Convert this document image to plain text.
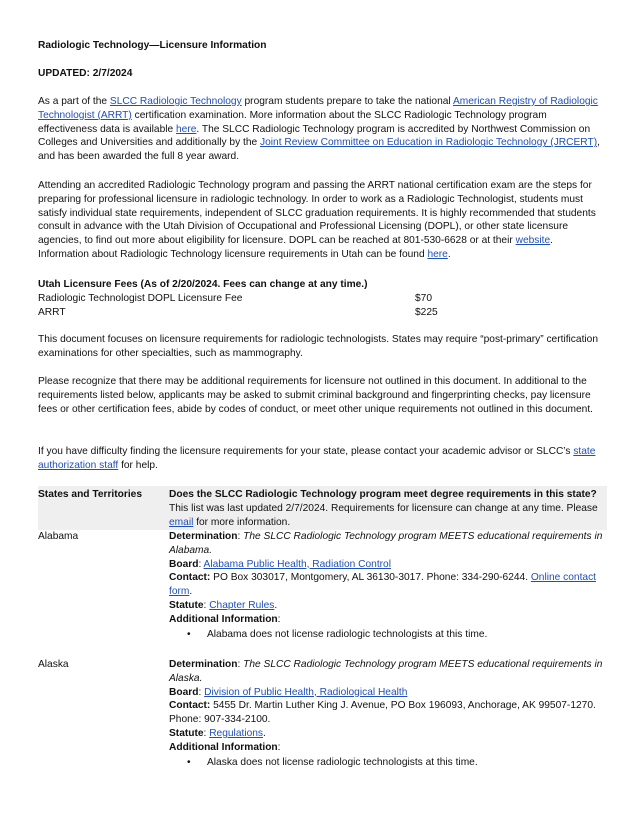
Radiologic Technology—Licensure Information

UPDATED: 2/7/2024

As a part of the SLCC Radiologic Technology program students prepare to take the national American Registry of Radiologic Technologist (ARRT) certification examination. More information about the SLCC Radiologic Technology program effectiveness data is available here. The SLCC Radiologic Technology program is accredited by Northwest Commission on Colleges and Universities and additionally by the Joint Review Committee on Education in Radiologic Technology (JRCERT), and has been awarded the full 8 year award.

Attending an accredited Radiologic Technology program and passing the ARRT national certification exam are the steps for preparing for professional licensure in radiologic technology. In order to work as a Radiologic Technologist, students must satisfy individual state requirements, independent of SLCC graduation requirements. It is highly recommended that students consult in advance with the Utah Division of Occupational and Professional Licensing (DOPL), or other state licensure agencies, to find out more about eligibility for licensure. DOPL can be reached at 801-530-6628 or at their website. Information about Radiologic Technology licensure requirements in Utah can be found here.

Utah Licensure Fees (As of 2/20/2024. Fees can change at any time.)
Radiologic Technologist DOPL Licensure Fee	$70
ARRT	$225

This document focuses on licensure requirements for radiologic technologists. States may require “post-primary” certification examinations for other specialties, such as mammography.

Please recognize that there may be additional requirements for licensure not outlined in this document. In additional to the requirements listed below, applicants may be asked to submit criminal background and fingerprinting checks, pay licensure fees or other certification fees, abide by codes of conduct, or meet other unique requirements not outlined in this document.

If you have difficulty finding the licensure requirements for your state, please contact your academic advisor or SLCC’s state authorization staff for help.

States and Territories	Does the SLCC Radiologic Technology program meet degree requirements in this state?
This list was last updated 2/7/2024. Requirements for licensure can change at any time. Please email for more information.
Alabama	Determination: The SLCC Radiologic Technology program MEETS educational requirements in Alabama.
Board: Alabama Public Health, Radiation Control
Contact: PO Box 303017, Montgomery, AL 36130-3017. Phone: 334-290-6244. Online contact form.
Statute: Chapter Rules.
Additional Information:
• Alabama does not license radiologic technologists at this time.
Alaska	Determination: The SLCC Radiologic Technology program MEETS educational requirements in Alaska.
Board: Division of Public Health, Radiological Health
Contact: 5455 Dr. Martin Luther King J. Avenue, PO Box 196093, Anchorage, AK 99507-1270. Phone: 907-334-2100.
Statute: Regulations.
Additional Information:
• Alaska does not license radiologic technologists at this time.
